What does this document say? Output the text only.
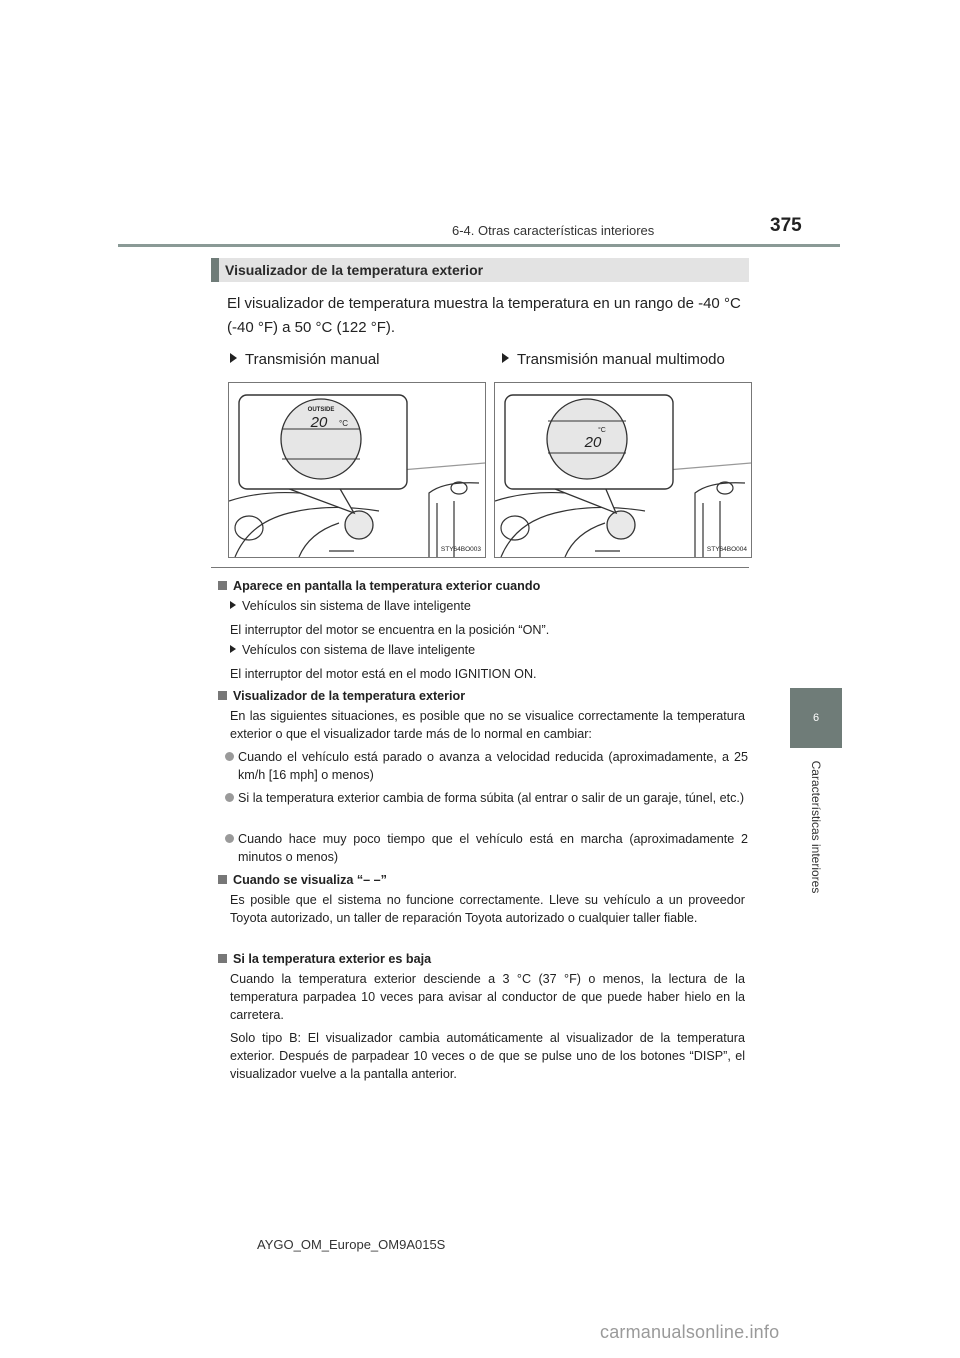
6-4. Otras características interiores	375
6
Características interiores
Visualizador de la temperatura exterior
El visualizador de temperatura muestra la temperatura en un rango de -40 °C (-40 °F) a 50 °C (122 °F).
Transmisión manual	Transmisión manual multimodo
OUTSIDE
20 °C
STY64BO003
°C
20
STY64BO004
Aparece en pantalla la temperatura exterior cuando
Vehículos sin sistema de llave inteligente
El interruptor del motor se encuentra en la posición “ON”.
Vehículos con sistema de llave inteligente
El interruptor del motor está en el modo IGNITION ON.
Visualizador de la temperatura exterior
En las siguientes situaciones, es posible que no se visualice correctamente la temperatura exterior o que el visualizador tarde más de lo normal en cambiar:
Cuando el vehículo está parado o avanza a velocidad reducida (aproximadamente, a 25 km/h [16 mph] o menos)
Si la temperatura exterior cambia de forma súbita (al entrar o salir de un garaje, túnel, etc.)
Cuando hace muy poco tiempo que el vehículo está en marcha (aproximadamente 2 minutos o menos)
Cuando se visualiza “– –”
Es posible que el sistema no funcione correctamente. Lleve su vehículo a un proveedor Toyota autorizado, un taller de reparación Toyota autorizado o cualquier taller fiable.
Si la temperatura exterior es baja
Cuando la temperatura exterior desciende a 3 °C (37 °F) o menos, la lectura de la temperatura parpadea 10 veces para avisar al conductor de que puede haber hielo en la carretera.
Solo tipo B: El visualizador cambia automáticamente al visualizador de la temperatura exterior. Después de parpadear 10 veces o de que se pulse uno de los botones “DISP”, el visualizador vuelve a la pantalla anterior.
AYGO_OM_Europe_OM9A015S
carmanualsonline.info
